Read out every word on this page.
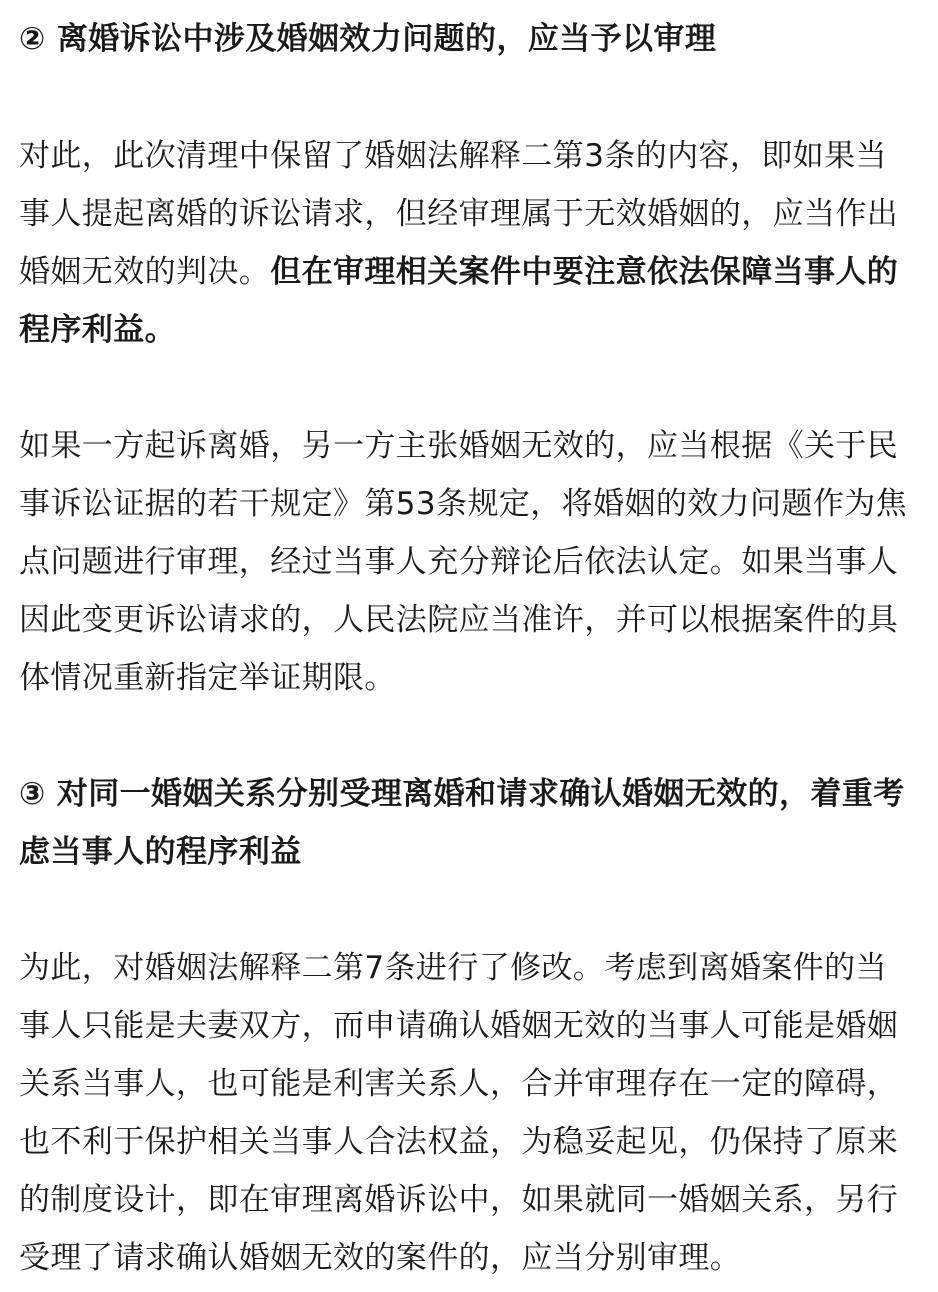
② 离婚诉讼中涉及婚姻效力问题的，应当予以审理
对此，此次清理中保留了婚姻法解释二第3条的内容，即如果当
事人提起离婚的诉讼请求，但经审理属于无效婚姻的，应当作出
婚姻无效的判决。但在审理相关案件中要注意依法保障当事人的
程序利益。
如果一方起诉离婚，另一方主张婚姻无效的，应当根据《关于民
事诉讼证据的若干规定》第53条规定，将婚姻的效力问题作为焦
点问题进行审理，经过当事人充分辩论后依法认定。如果当事人
因此变更诉讼请求的，人民法院应当准许，并可以根据案件的具
体情况重新指定举证期限。
③ 对同一婚姻关系分别受理离婚和请求确认婚姻无效的，着重考
虑当事人的程序利益
为此，对婚姻法解释二第7条进行了修改。考虑到离婚案件的当
事人只能是夫妻双方，而申请确认婚姻无效的当事人可能是婚姻
关系当事人，也可能是利害关系人，合并审理存在一定的障碍，
也不利于保护相关当事人合法权益，为稳妥起见，仍保持了原来
的制度设计，即在审理离婚诉讼中，如果就同一婚姻关系，另行
受理了请求确认婚姻无效的案件的，应当分别审理。
